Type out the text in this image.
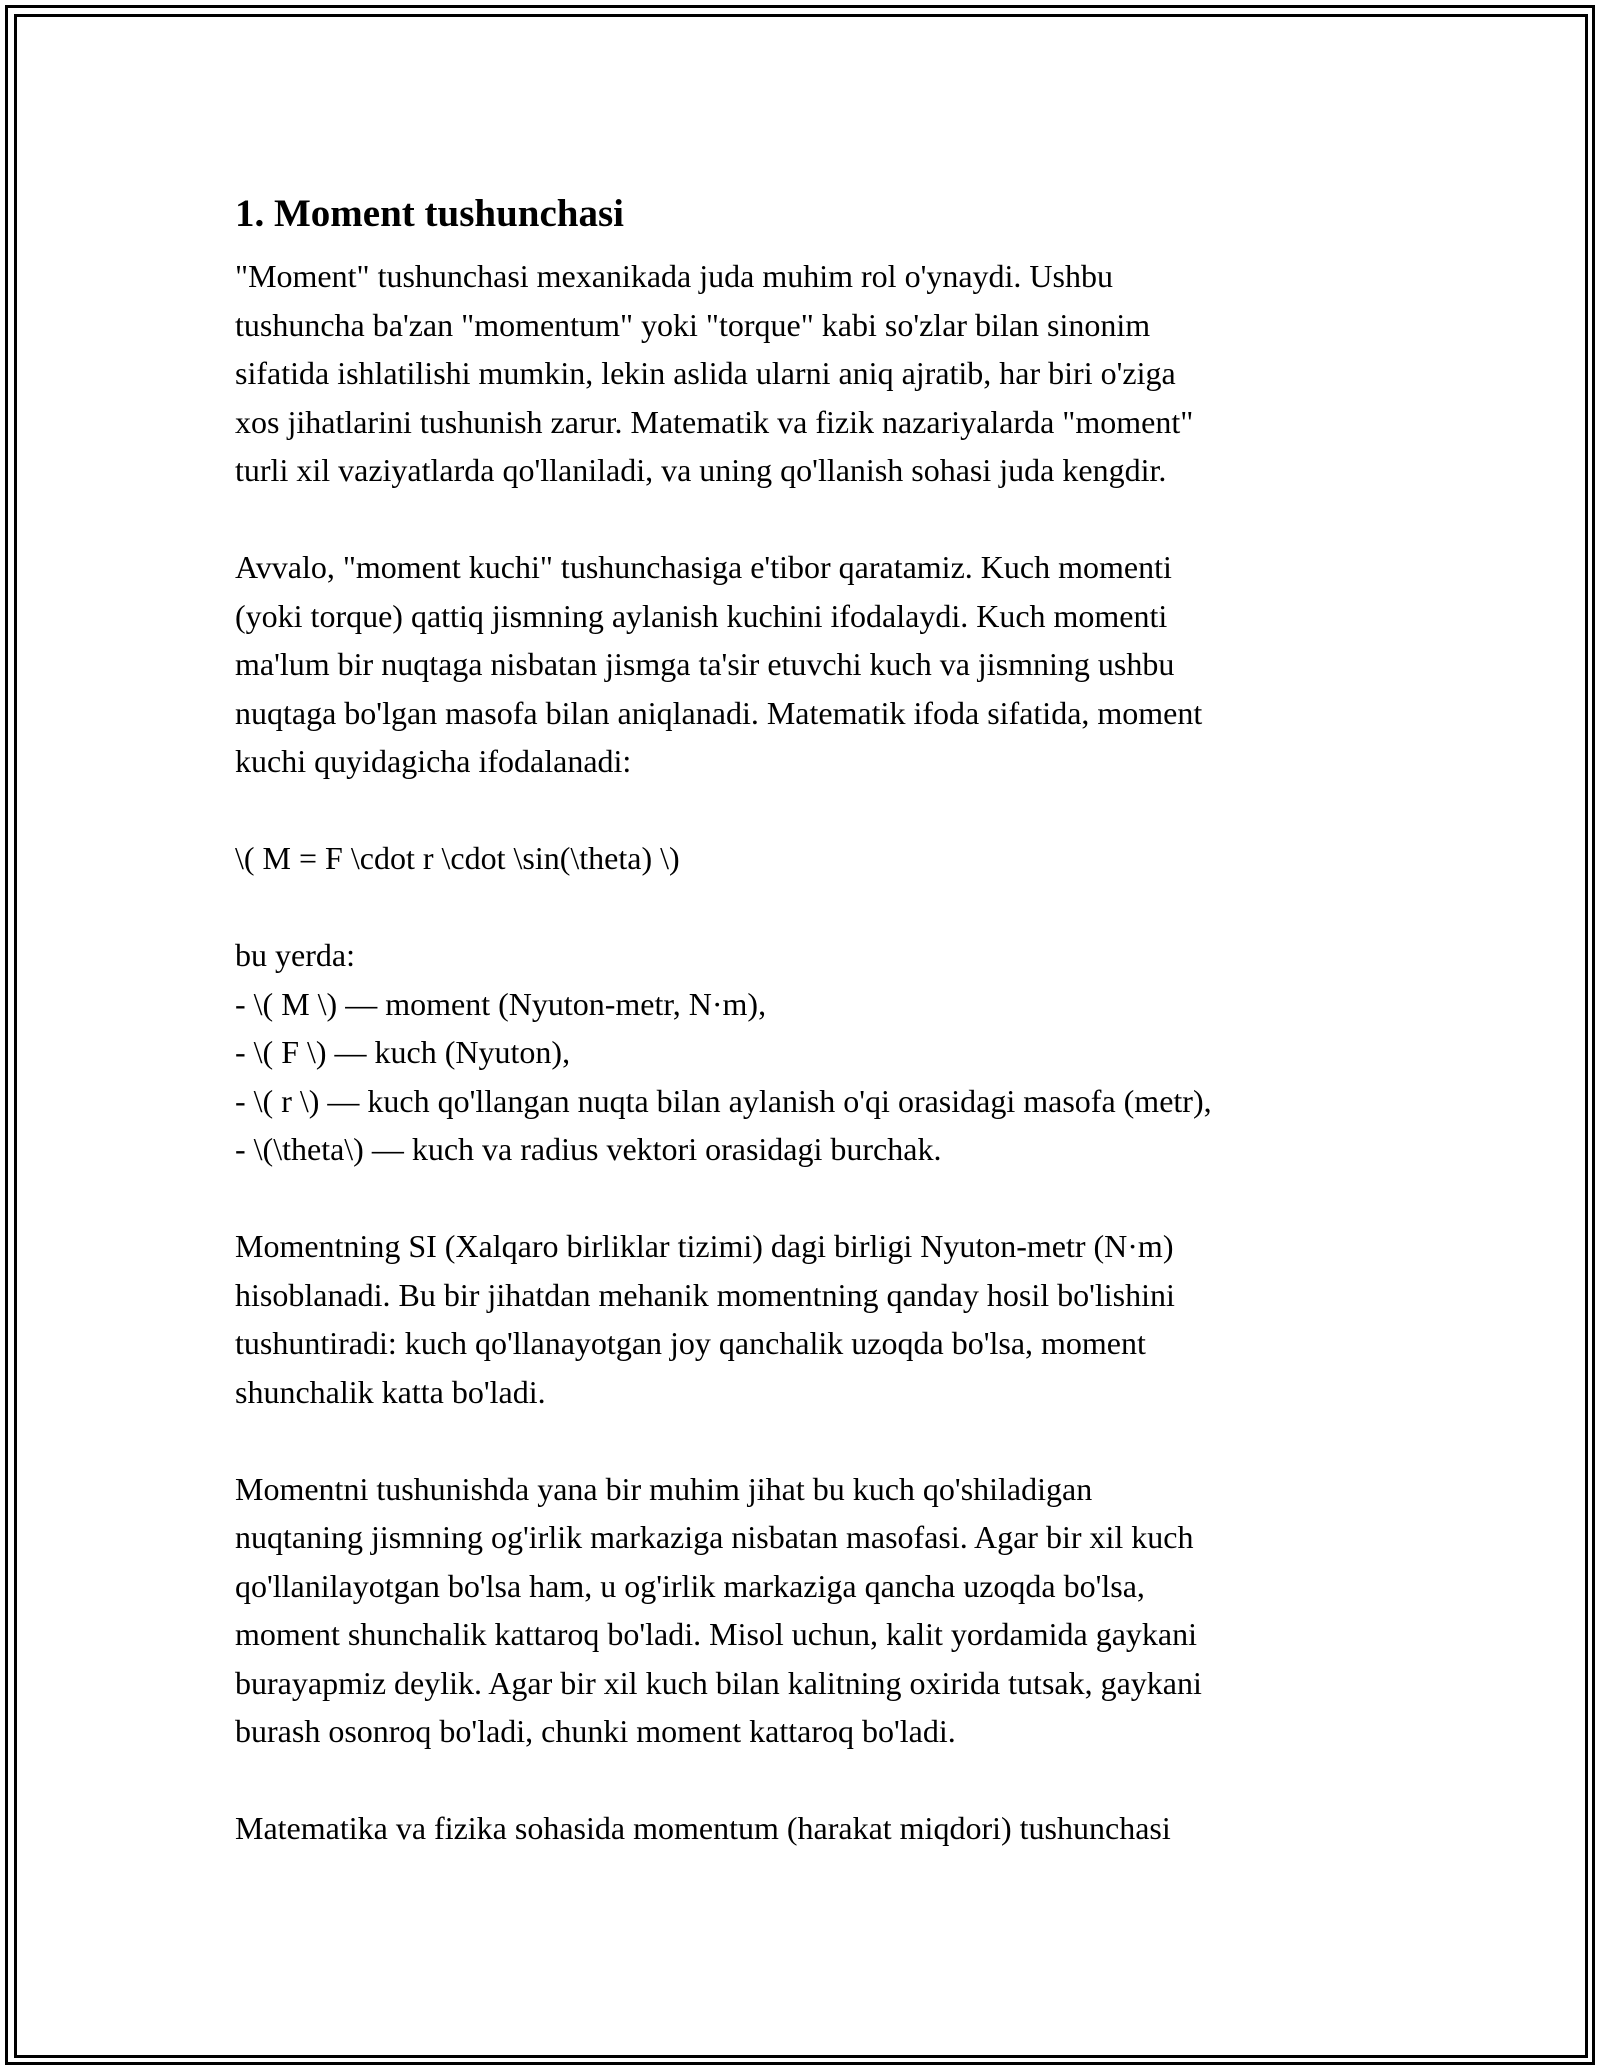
1. Moment tushunchasi
"Moment" tushunchasi mexanikada juda muhim rol o'ynaydi. Ushbu
tushuncha ba'zan "momentum" yoki "torque" kabi so'zlar bilan sinonim
sifatida ishlatilishi mumkin, lekin aslida ularni aniq ajratib, har biri o'ziga
xos jihatlarini tushunish zarur. Matematik va fizik nazariyalarda "moment"
turli xil vaziyatlarda qo'llaniladi, va uning qo'llanish sohasi juda kengdir.
Avvalo, "moment kuchi" tushunchasiga e'tibor qaratamiz. Kuch momenti
(yoki torque) qattiq jismning aylanish kuchini ifodalaydi. Kuch momenti
ma'lum bir nuqtaga nisbatan jismga ta'sir etuvchi kuch va jismning ushbu
nuqtaga bo'lgan masofa bilan aniqlanadi. Matematik ifoda sifatida, moment
kuchi quyidagicha ifodalanadi:
\( M = F \cdot r \cdot \sin(\theta) \)
bu yerda:
- \( M \) — moment (Nyuton-metr, N·m),
- \( F \) — kuch (Nyuton),
- \( r \) — kuch qo'llangan nuqta bilan aylanish o'qi orasidagi masofa (metr),
- \(\theta\) — kuch va radius vektori orasidagi burchak.
Momentning SI (Xalqaro birliklar tizimi) dagi birligi Nyuton-metr (N·m)
hisoblanadi. Bu bir jihatdan mehanik momentning qanday hosil bo'lishini
tushuntiradi: kuch qo'llanayotgan joy qanchalik uzoqda bo'lsa, moment
shunchalik katta bo'ladi.
Momentni tushunishda yana bir muhim jihat bu kuch qo'shiladigan
nuqtaning jismning og'irlik markaziga nisbatan masofasi. Agar bir xil kuch
qo'llanilayotgan bo'lsa ham, u og'irlik markaziga qancha uzoqda bo'lsa,
moment shunchalik kattaroq bo'ladi. Misol uchun, kalit yordamida gaykani
burayapmiz deylik. Agar bir xil kuch bilan kalitning oxirida tutsak, gaykani
burash osonroq bo'ladi, chunki moment kattaroq bo'ladi.
Matematika va fizika sohasida momentum (harakat miqdori) tushunchasi
